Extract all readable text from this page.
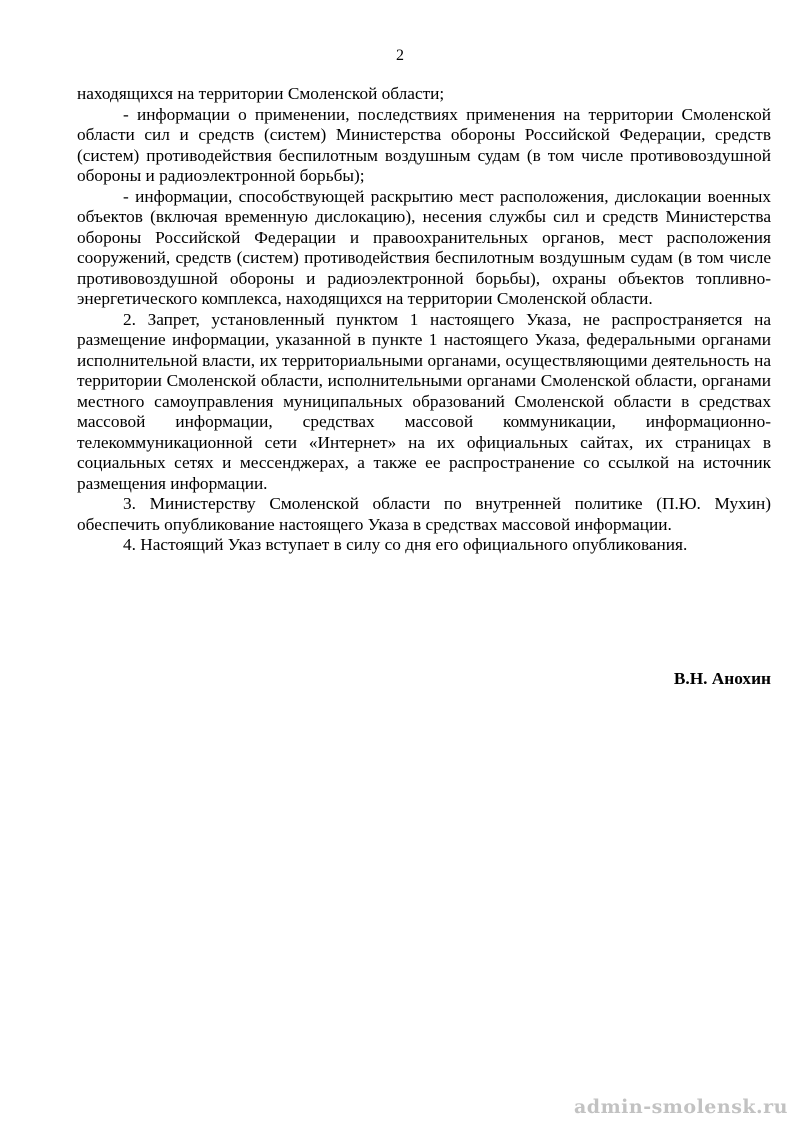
2

находящихся на территории Смоленской области;

- информации о применении, последствиях применения на территории Смоленской области сил и средств (систем) Министерства обороны Российской Федерации, средств (систем) противодействия беспилотным воздушным судам (в том числе противовоздушной обороны и радиоэлектронной борьбы);

- информации, способствующей раскрытию мест расположения, дислокации военных объектов (включая временную дислокацию), несения службы сил и средств Министерства обороны Российской Федерации и правоохранительных органов, мест расположения сооружений, средств (систем) противодействия беспилотным воздушным судам (в том числе противовоздушной обороны и радиоэлектронной борьбы), охраны объектов топливно-энергетического комплекса, находящихся на территории Смоленской области.

2. Запрет, установленный пунктом 1 настоящего Указа, не распространяется на размещение информации, указанной в пункте 1 настоящего Указа, федеральными органами исполнительной власти, их территориальными органами, осуществляющими деятельность на территории Смоленской области, исполнительными органами Смоленской области, органами местного самоуправления муниципальных образований Смоленской области в средствах массовой информации, средствах массовой коммуникации, информационно-телекоммуникационной сети «Интернет» на их официальных сайтах, их страницах в социальных сетях и мессенджерах, а также ее распространение со ссылкой на источник размещения информации.

3. Министерству Смоленской области по внутренней политике (П.Ю. Мухин) обеспечить опубликование настоящего Указа в средствах массовой информации.

4. Настоящий Указ вступает в силу со дня его официального опубликования.

В.Н. Анохин
admin-smolensk.ru
